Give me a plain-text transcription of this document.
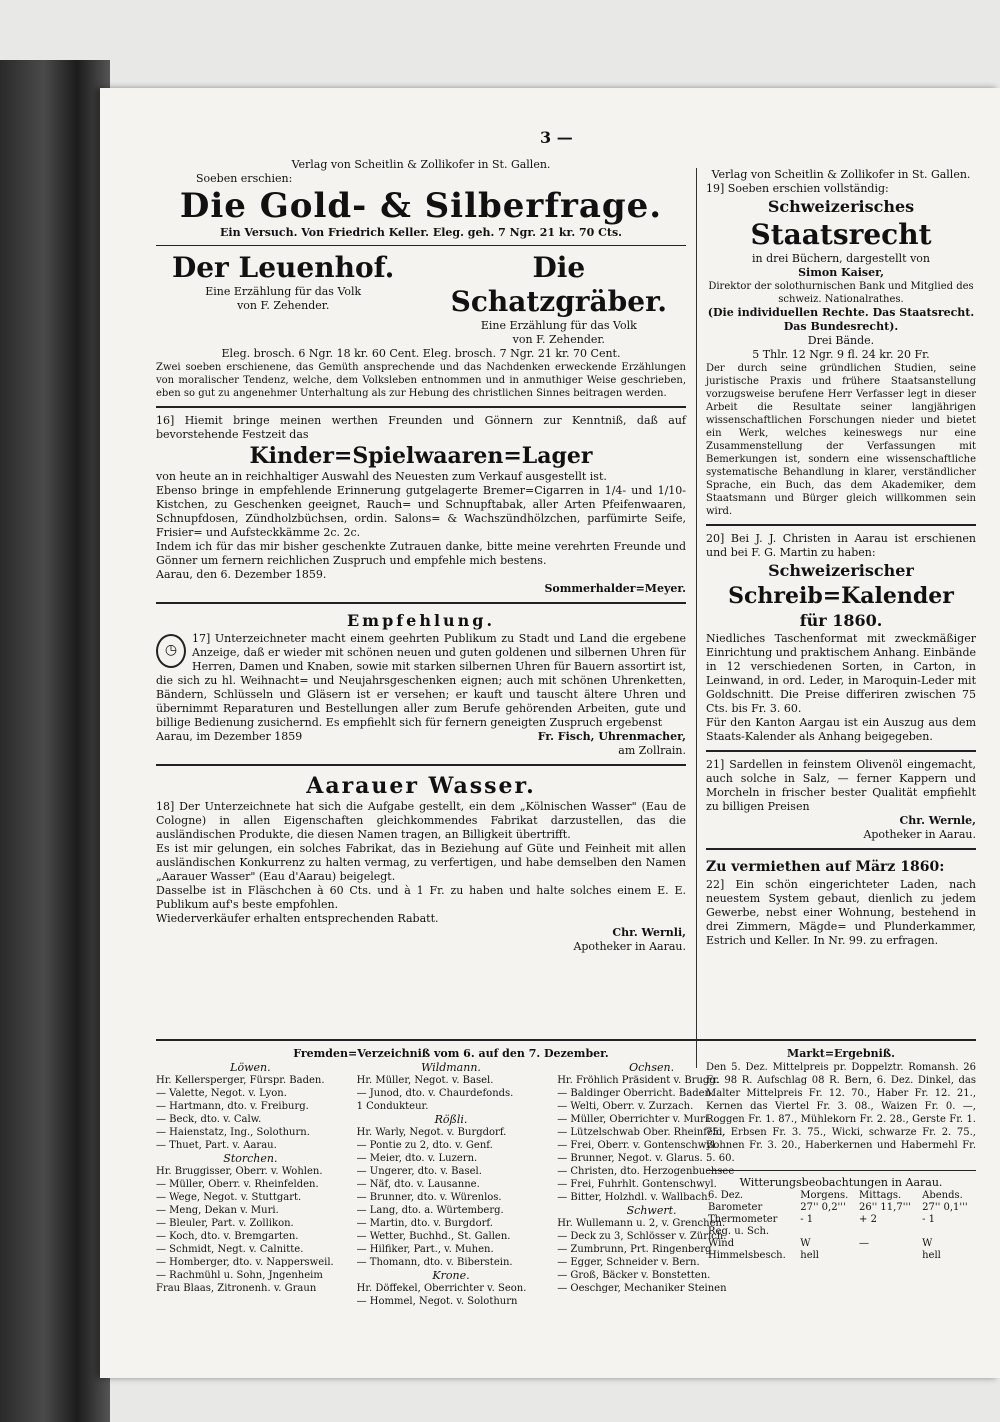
3 —
Verlag von Scheitlin & Zollikofer in St. Gallen.
Soeben erschien:
Die Gold- & Silberfrage.
Ein Versuch. Von Friedrich Keller. Eleg. geh. 7 Ngr. 21 kr. 70 Cts.
Der Leuenhof.
Eine Erzählung für das Volk
von F. Zehender.
Die Schatzgräber.
Eine Erzählung für das Volk
von F. Zehender.
Eleg. brosch. 6 Ngr. 18 kr. 60 Cent. Eleg. brosch. 7 Ngr. 21 kr. 70 Cent.
Zwei soeben erschienene, das Gemüth ansprechende und das Nachdenken erweckende Erzählungen von moralischer Tendenz, welche, dem Volksleben entnommen und in anmuthiger Weise geschrieben, eben so gut zu angenehmer Unterhaltung als zur Hebung des christlichen Sinnes beitragen werden.
16] Hiemit bringe meinen werthen Freunden und Gönnern zur Kenntniß, daß auf bevorstehende Festzeit das
Kinder=Spielwaaren=Lager
von heute an in reichhaltiger Auswahl des Neuesten zum Verkauf ausgestellt ist.
Ebenso bringe in empfehlende Erinnerung gutgelagerte Bremer=Cigarren in 1/4- und 1/10-Kistchen, zu Geschenken geeignet, Rauch= und Schnupftabak, aller Arten Pfeifenwaaren, Schnupfdosen, Zündholzbüchsen, ordin. Salons= & Wachszündhölzchen, parfümirte Seife, Frisier= und Aufsteckkämme 2c. 2c.
Indem ich für das mir bisher geschenkte Zutrauen danke, bitte meine verehrten Freunde und Gönner um fernern reichlichen Zuspruch und empfehle mich bestens.
Aarau, den 6. Dezember 1859.
Sommerhalder=Meyer.
Empfehlung.
◷
17] Unterzeichneter macht einem geehrten Publikum zu Stadt und Land die ergebene Anzeige, daß er wieder mit schönen neuen und guten goldenen und silbernen Uhren für Herren, Damen und Knaben, sowie mit starken silbernen Uhren für Bauern assortirt ist, die sich zu hl. Weihnacht= und Neujahrsgeschenken eignen; auch mit schönen Uhrenketten, Bändern, Schlüsseln und Gläsern ist er versehen; er kauft und tauscht ältere Uhren und übernimmt Reparaturen und Bestellungen aller zum Berufe gehörenden Arbeiten, gute und billige Bedienung zusichernd. Es empfiehlt sich für fernern geneigten Zuspruch ergebenst
Aarau, im Dezember 1859	Fr. Fisch, Uhrenmacher,
am Zollrain.
Aarauer Wasser.
18] Der Unterzeichnete hat sich die Aufgabe gestellt, ein dem „Kölnischen Wasser" (Eau de Cologne) in allen Eigenschaften gleichkommendes Fabrikat darzustellen, das die ausländischen Produkte, die diesen Namen tragen, an Billigkeit übertrifft.
Es ist mir gelungen, ein solches Fabrikat, das in Beziehung auf Güte und Feinheit mit allen ausländischen Konkurrenz zu halten vermag, zu verfertigen, und habe demselben den Namen „Aarauer Wasser" (Eau d'Aarau) beigelegt.
Dasselbe ist in Fläschchen à 60 Cts. und à 1 Fr. zu haben und halte solches einem E. E. Publikum auf's beste empfohlen.
Wiederverkäufer erhalten entsprechenden Rabatt.
Chr. Wernli,
Apotheker in Aarau.
Verlag von Scheitlin & Zollikofer in St. Gallen.
19] Soeben erschien vollständig:
Schweizerisches
Staatsrecht
in drei Büchern, dargestellt von
Simon Kaiser,
Direktor der solothurnischen Bank und Mitglied des schweiz. Nationalrathes.
(Die individuellen Rechte. Das Staatsrecht. Das Bundesrecht).
Drei Bände.
5 Thlr. 12 Ngr. 9 fl. 24 kr. 20 Fr.
Der durch seine gründlichen Studien, seine juristische Praxis und frühere Staatsanstellung vorzugsweise berufene Herr Verfasser legt in dieser Arbeit die Resultate seiner langjährigen wissenschaftlichen Forschungen nieder und bietet ein Werk, welches keineswegs nur eine Zusammenstellung der Verfassungen mit Bemerkungen ist, sondern eine wissenschaftliche systematische Behandlung in klarer, verständlicher Sprache, ein Buch, das dem Akademiker, dem Staatsmann und Bürger gleich willkommen sein wird.
20] Bei J. J. Christen in Aarau ist erschienen und bei F. G. Martin zu haben:
Schweizerischer
Schreib=Kalender
für 1860.
Niedliches Taschenformat mit zweckmäßiger Einrichtung und praktischem Anhang. Einbände in 12 verschiedenen Sorten, in Carton, in Leinwand, in ord. Leder, in Maroquin-Leder mit Goldschnitt. Die Preise differiren zwischen 75 Cts. bis Fr. 3. 60.
Für den Kanton Aargau ist ein Auszug aus dem Staats-Kalender als Anhang beigegeben.
21] Sardellen in feinstem Olivenöl eingemacht, auch solche in Salz, — ferner Kappern und Morcheln in frischer bester Qualität empfiehlt zu billigen Preisen
Chr. Wernle,
Apotheker in Aarau.
Zu vermiethen auf März 1860:
22] Ein schön eingerichteter Laden, nach neuestem System gebaut, dienlich zu jedem Gewerbe, nebst einer Wohnung, bestehend in drei Zimmern, Mägde= und Plunderkammer, Estrich und Keller. In Nr. 99. zu erfragen.
Fremden=Verzeichniß vom 6. auf den 7. Dezember.
Löwen.
Hr. Kellersperger, Fürspr. Baden.
— Valette, Negot. v. Lyon.
— Hartmann, dto. v. Freiburg.
— Beck, dto. v. Calw.
— Haienstatz, Ing., Solothurn.
— Thuet, Part. v. Aarau.
Storchen.
Hr. Bruggisser, Oberr. v. Wohlen.
— Müller, Oberr. v. Rheinfelden.
— Wege, Negot. v. Stuttgart.
— Meng, Dekan v. Muri.
— Bleuler, Part. v. Zollikon.
— Koch, dto. v. Bremgarten.
— Schmidt, Negt. v. Calnitte.
— Homberger, dto. v. Nappersweil.
— Rachmühl u. Sohn, Jngenheim
Frau Blaas, Zitronenh. v. Graun
Wildmann.
Hr. Müller, Negot. v. Basel.
— Junod, dto. v. Chaurdefonds.
1 Condukteur.
Rößli.
Hr. Warly, Negot. v. Burgdorf.
— Pontie zu 2, dto. v. Genf.
— Meier, dto. v. Luzern.
— Ungerer, dto. v. Basel.
— Näf, dto. v. Lausanne.
— Brunner, dto. v. Würenlos.
— Lang, dto. a. Würtemberg.
— Martin, dto. v. Burgdorf.
— Wetter, Buchhd., St. Gallen.
— Hilfiker, Part., v. Muhen.
— Thomann, dto. v. Biberstein.
Krone.
Hr. Döffekel, Oberrichter v. Seon.
— Hommel, Negot. v. Solothurn
Ochsen.
Hr. Fröhlich Präsident v. Brugg.
— Baldinger Oberricht. Baden.
— Welti, Oberr. v. Zurzach.
— Müller, Oberrichter v. Muri.
— Lützelschwab Ober. Rheinfeld.
— Frei, Oberr. v. Gontenschwyl
— Brunner, Negot. v. Glarus.
— Christen, dto. Herzogenbuchsee
— Frei, Fuhrhlt. Gontenschwyl.
— Bitter, Holzhdl. v. Wallbach.
Schwert.
Hr. Wullemann u. 2, v. Grenchen.
— Deck zu 3, Schlösser v. Zürich.
— Zumbrunn, Prt. Ringenberg
— Egger, Schneider v. Bern.
— Groß, Bäcker v. Bonstetten.
— Oeschger, Mechaniker Steinen
Markt=Ergebniß.
Den 5. Dez. Mittelpreis pr. Doppelztr. Romansh. 26 Fr. 98 R. Aufschlag 08 R. Bern, 6. Dez. Dinkel, das Malter Mittelpreis Fr. 12. 70., Haber Fr. 12. 21., Kernen das Viertel Fr. 3. 08., Waizen Fr. 0. —, Roggen Fr. 1. 87., Mühlekorn Fr. 2. 28., Gerste Fr. 1. 75., Erbsen Fr. 3. 75., Wicki, schwarze Fr. 2. 75., Bohnen Fr. 3. 20., Haberkernen und Habermehl Fr. 5. 60.
Witterungsbeobachtungen in Aarau.
6. Dez.	Morgens.	Mittags.	Abends.
Barometer	27'' 0,2'''	26'' 11,7'''	27'' 0,1'''
Thermometer	- 1	+ 2	- 1
Reg. u. Sch.			
Wind	W	—	W
Himmelsbesch.	hell		hell
